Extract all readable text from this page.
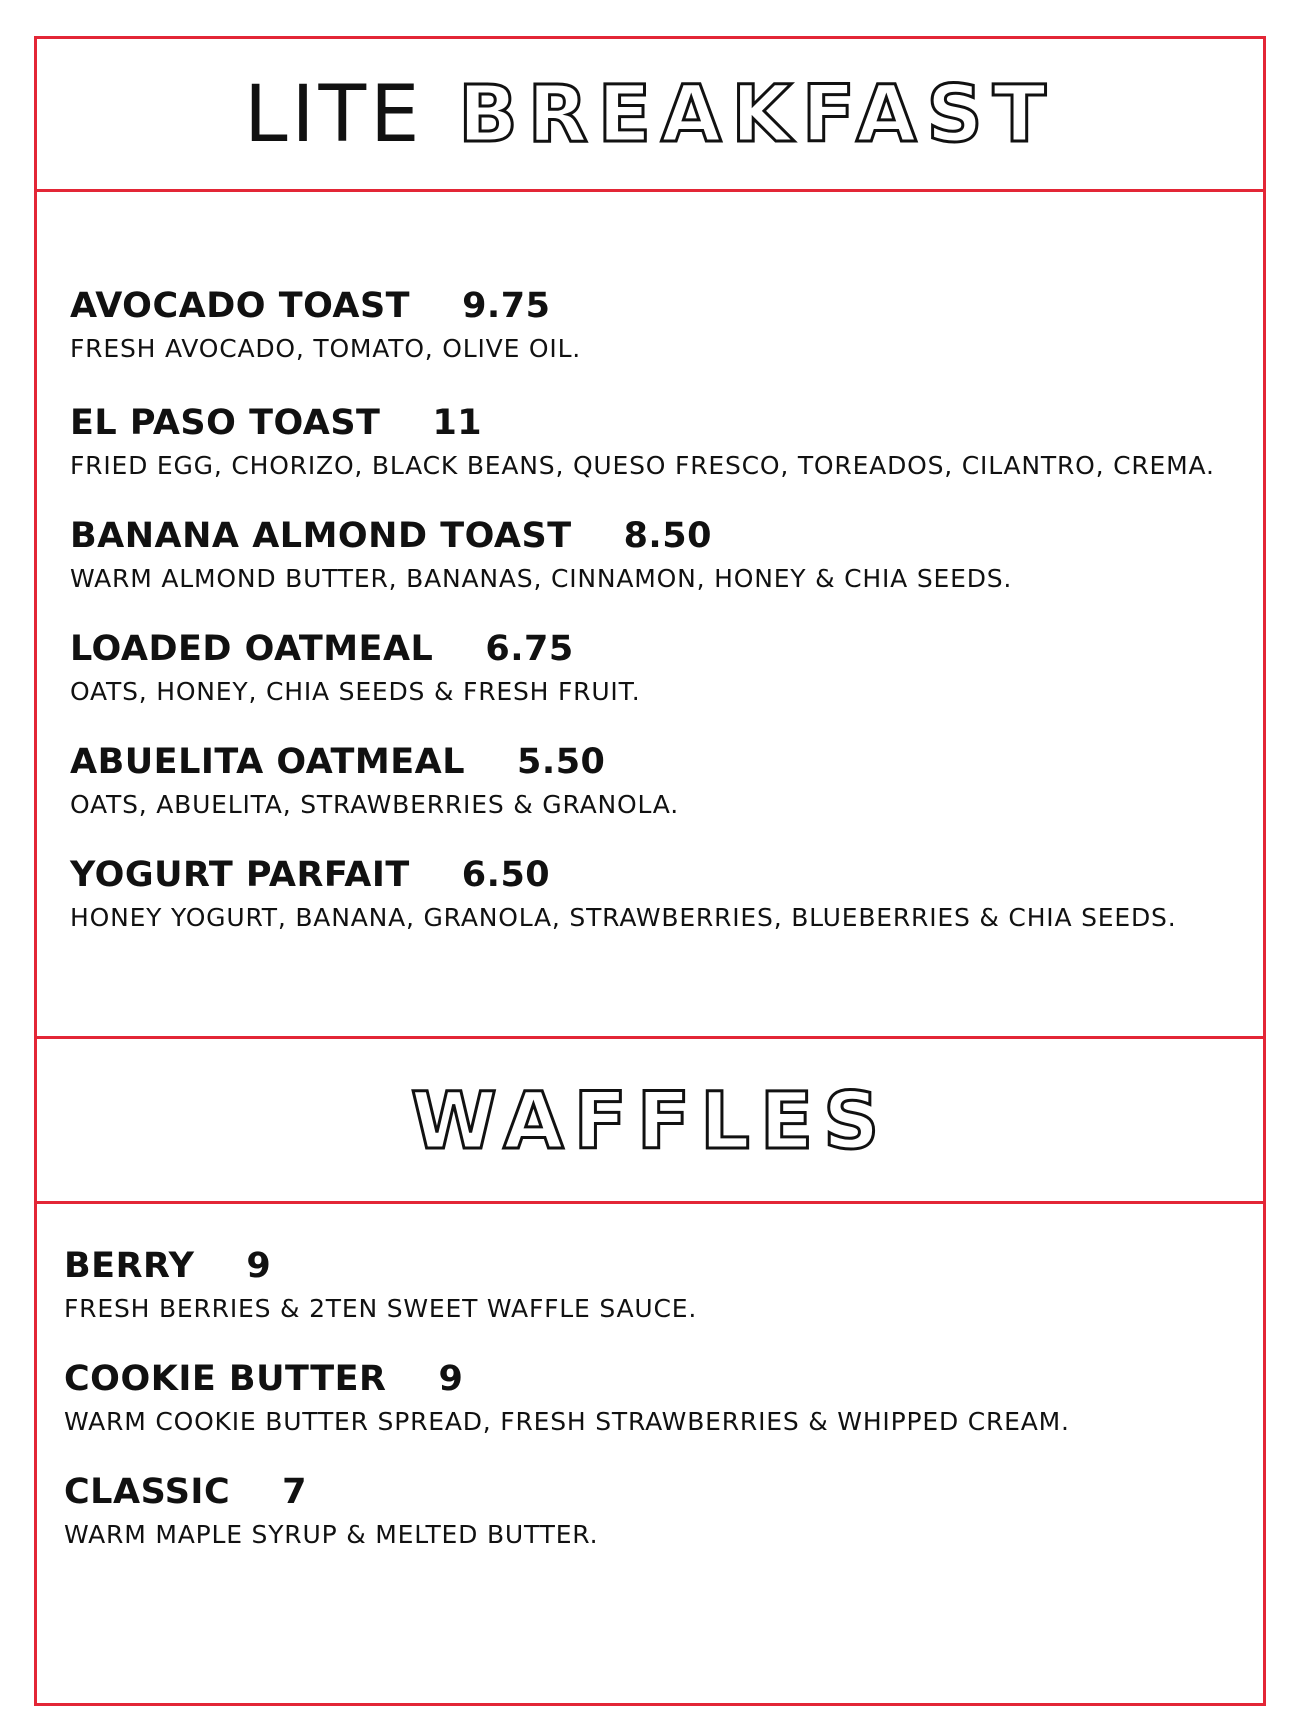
LITE BREAKFAST
AVOCADO TOAST 9.75
FRESH AVOCADO, TOMATO, OLIVE OIL.
EL PASO TOAST 11
FRIED EGG, CHORIZO, BLACK BEANS, QUESO FRESCO, TOREADOS, CILANTRO, CREMA.
BANANA ALMOND TOAST 8.50
WARM ALMOND BUTTER, BANANAS, CINNAMON, HONEY & CHIA SEEDS.
LOADED OATMEAL 6.75
OATS, HONEY, CHIA SEEDS & FRESH FRUIT.
ABUELITA OATMEAL 5.50
OATS, ABUELITA, STRAWBERRIES & GRANOLA.
YOGURT PARFAIT 6.50
HONEY YOGURT, BANANA, GRANOLA, STRAWBERRIES, BLUEBERRIES & CHIA SEEDS.
WAFFLES
BERRY 9
FRESH BERRIES & 2TEN SWEET WAFFLE SAUCE.
COOKIE BUTTER 9
WARM COOKIE BUTTER SPREAD, FRESH STRAWBERRIES & WHIPPED CREAM.
CLASSIC 7
WARM MAPLE SYRUP & MELTED BUTTER.
